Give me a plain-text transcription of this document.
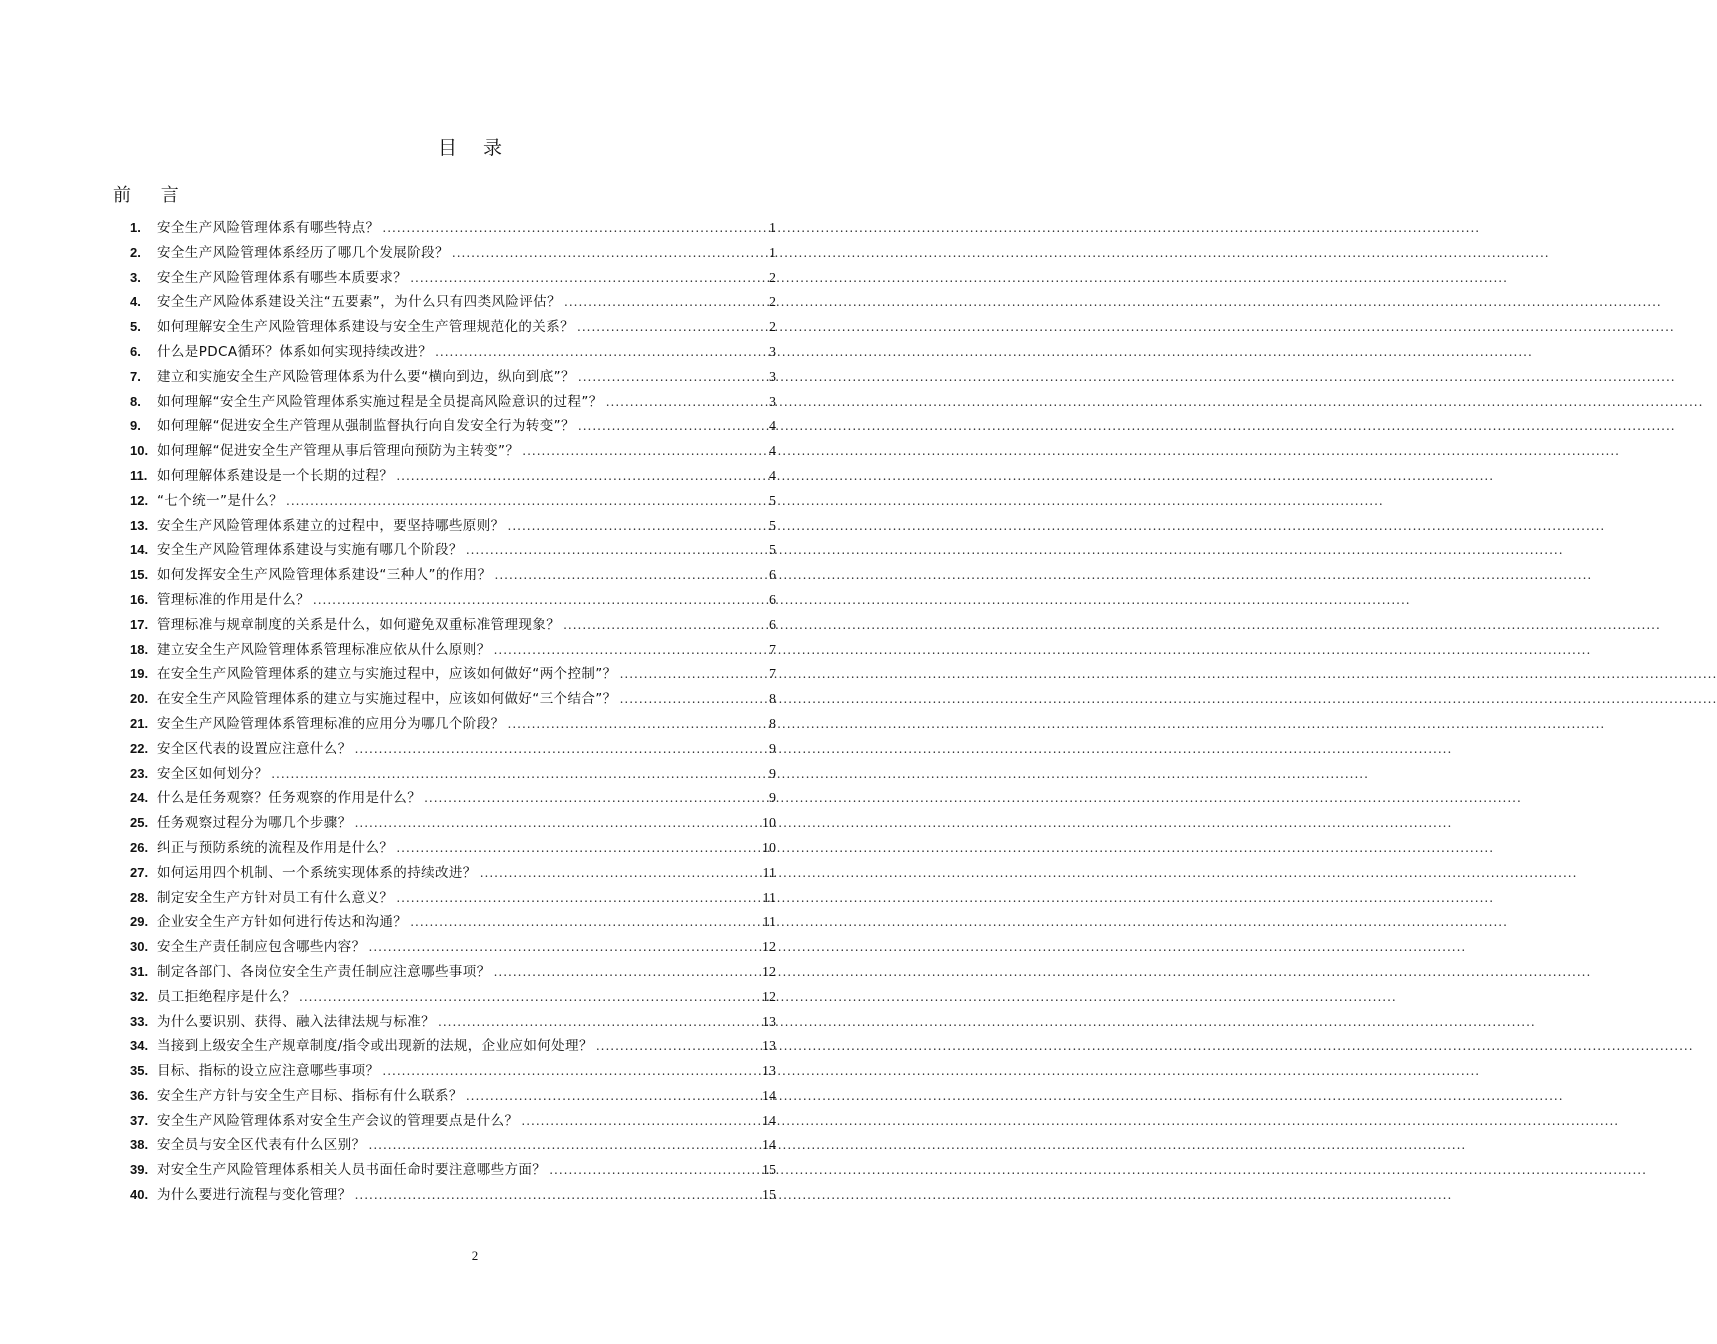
目 录
前 言
1.	安全生产风险管理体系有哪些特点？ .....	1
2.	安全生产风险管理体系经历了哪几个发展阶段？ .....	1
3.	安全生产风险管理体系有哪些本质要求？ .....	2
4.	安全生产风险体系建设关注“五要素”，为什么只有四类风险评估？ .....	2
5.	如何理解安全生产风险管理体系建设与安全生产管理规范化的关系？ .....	2
6.	什么是PDCA循环？体系如何实现持续改进？ .....	3
7.	建立和实施安全生产风险管理体系为什么要“横向到边，纵向到底”？ .....	3
8.	如何理解“安全生产风险管理体系实施过程是全员提高风险意识的过程”？ .....	3
9.	如何理解“促进安全生产管理从强制监督执行向自发安全行为转变”？ .....	4
10. 如何理解“促进安全生产管理从事后管理向预防为主转变”？ .....	4
11. 如何理解体系建设是一个长期的过程？ .....	4
12. “七个统一”是什么？ .....	5
13. 安全生产风险管理体系建立的过程中，要坚持哪些原则？ .....	5
14. 安全生产风险管理体系建设与实施有哪几个阶段？ .....	5
15. 如何发挥安全生产风险管理体系建设“三种人”的作用？ .....	6
16. 管理标准的作用是什么？ .....	6
17. 管理标准与规章制度的关系是什么，如何避免双重标准管理现象？ .....	6
18. 建立安全生产风险管理体系管理标准应依从什么原则？ .....	7
19. 在安全生产风险管理体系的建立与实施过程中，应该如何做好“两个控制”？ .....	7
20. 在安全生产风险管理体系的建立与实施过程中，应该如何做好“三个结合”？ .....	8
21. 安全生产风险管理体系管理标准的应用分为哪几个阶段？ .....	8
22. 安全区代表的设置应注意什么？ .....	9
23. 安全区如何划分？ .....	9
24. 什么是任务观察？任务观察的作用是什么？ .....	9
25. 任务观察过程分为哪几个步骤？ .....	10
26. 纠正与预防系统的流程及作用是什么？ .....	10
27. 如何运用四个机制、一个系统实现体系的持续改进？ .....	11
28. 制定安全生产方针对员工有什么意义？ .....	11
29. 企业安全生产方针如何进行传达和沟通？ .....	11
30. 安全生产责任制应包含哪些内容？ .....	12
31. 制定各部门、各岗位安全生产责任制应注意哪些事项？ .....	12
32. 员工拒绝程序是什么？ .....	12
33. 为什么要识别、获得、融入法律法规与标准？ .....	13
34. 当接到上级安全生产规章制度/指令或出现新的法规，企业应如何处理？ .....	13
35. 目标、指标的设立应注意哪些事项？ .....	13
36. 安全生产方针与安全生产目标、指标有什么联系？ .....	14
37. 安全生产风险管理体系对安全生产会议的管理要点是什么？ .....	14
38. 安全员与安全区代表有什么区别？ .....	14
39. 对安全生产风险管理体系相关人员书面任命时要注意哪些方面？ .....	15
40. 为什么要进行流程与变化管理？ .....	15
2
